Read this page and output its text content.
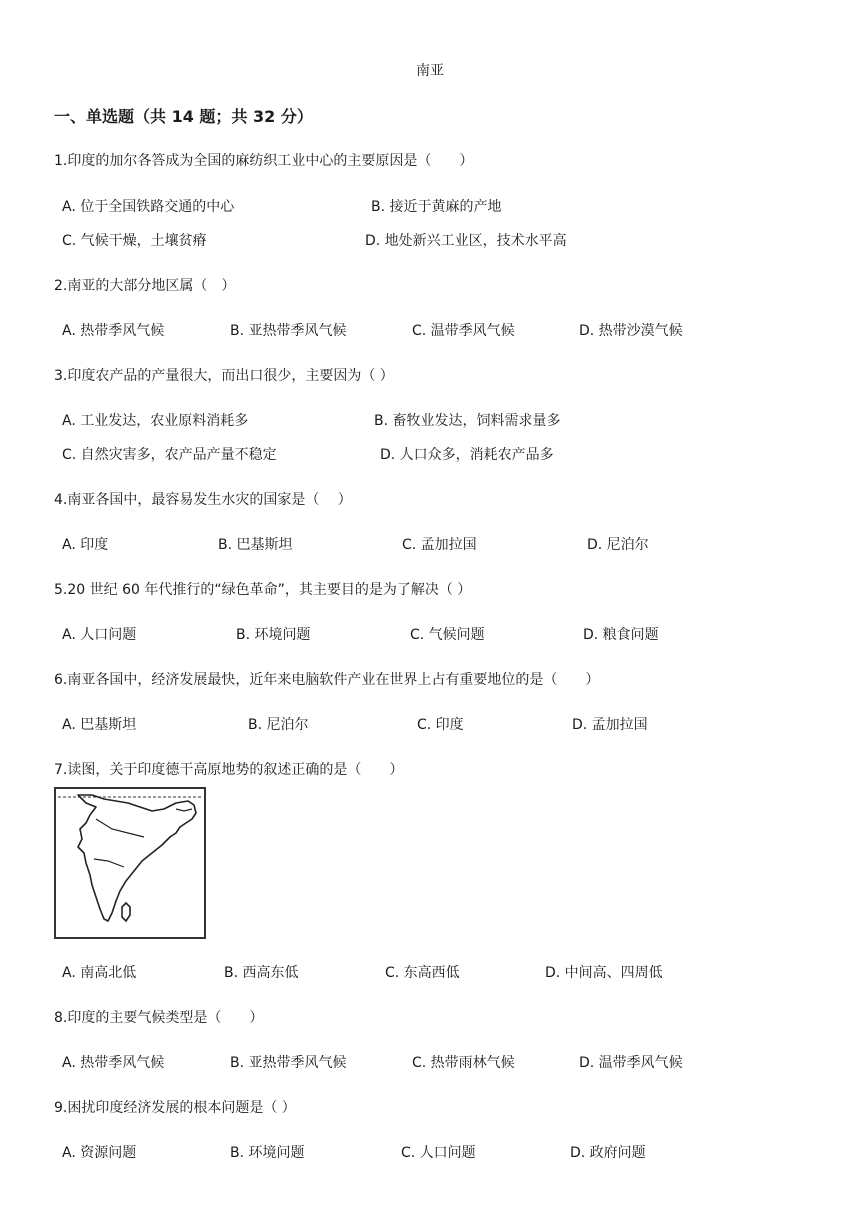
南亚
一、单选题（共 14 题；共 32 分）
1.印度的加尔各答成为全国的麻纺织工业中心的主要原因是（　　）
A. 位于全国铁路交通的中心	B. 接近于黄麻的产地
C. 气候干燥，土壤贫瘠	D. 地处新兴工业区，技术水平高
2.南亚的大部分地区属（　）
A. 热带季风气候	B. 亚热带季风气候	C. 温带季风气候	D. 热带沙漠气候
3.印度农产品的产量很大，而出口很少，主要因为（ ）
A. 工业发达，农业原料消耗多	B. 畜牧业发达，饲料需求量多
C. 自然灾害多，农产品产量不稳定	D. 人口众多，消耗农产品多
4.南亚各国中，最容易发生水灾的国家是（　 ）
A. 印度	B. 巴基斯坦	C. 孟加拉国	D. 尼泊尔
5.20 世纪 60 年代推行的“绿色革命”，其主要目的是为了解决（ ）
A. 人口问题	B. 环境问题	C. 气候问题	D. 粮食问题
6.南亚各国中，经济发展最快，近年来电脑软件产业在世界上占有重要地位的是（　　）
A. 巴基斯坦	B. 尼泊尔	C. 印度	D. 孟加拉国
7.读图，关于印度德干高原地势的叙述正确的是（　　）
A. 南高北低	B. 西高东低	C. 东高西低	D. 中间高、四周低
8.印度的主要气候类型是（　　）
A. 热带季风气候	B. 亚热带季风气候	C. 热带雨林气候	D. 温带季风气候
9.困扰印度经济发展的根本问题是（ ）
A. 资源问题	B. 环境问题	C. 人口问题	D. 政府问题
